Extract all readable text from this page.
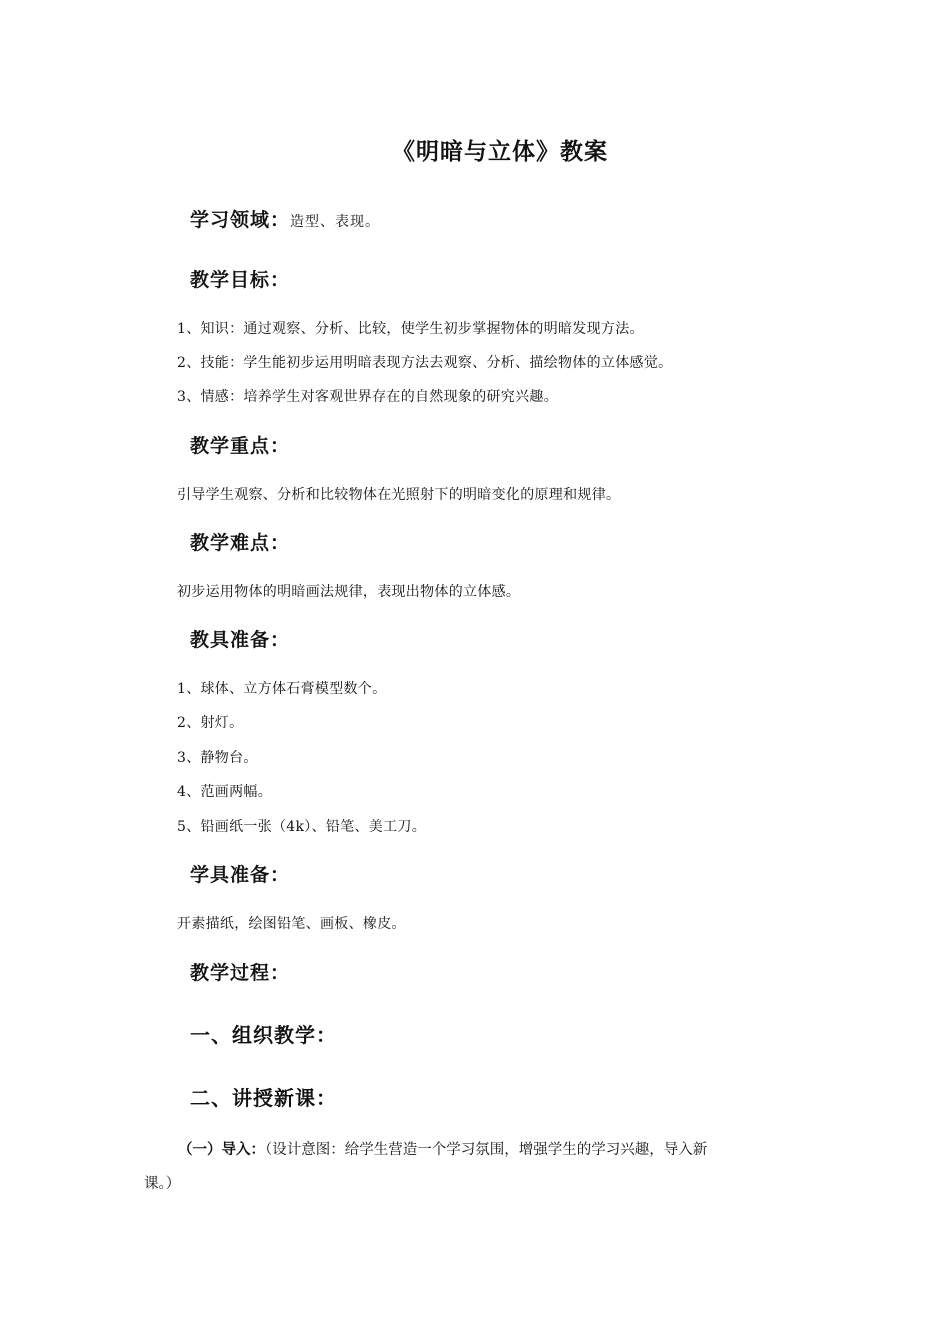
《明暗与立体》教案
学习领域：造型、表现。
教学目标：
1、知识：通过观察、分析、比较，使学生初步掌握物体的明暗发现方法。
2、技能：学生能初步运用明暗表现方法去观察、分析、描绘物体的立体感觉。
3、情感：培养学生对客观世界存在的自然现象的研究兴趣。
教学重点：
引导学生观察、分析和比较物体在光照射下的明暗变化的原理和规律。
教学难点：
初步运用物体的明暗画法规律，表现出物体的立体感。
教具准备：
1、球体、立方体石膏模型数个。
2、射灯。
3、静物台。
4、范画两幅。
5、铅画纸一张（4k）、铅笔、美工刀。
学具准备：
开素描纸，绘图铅笔、画板、橡皮。
教学过程：
一、组织教学：
二、讲授新课：
（一）导入：（设计意图：给学生营造一个学习氛围，增强学生的学习兴趣，导入新
课。）
